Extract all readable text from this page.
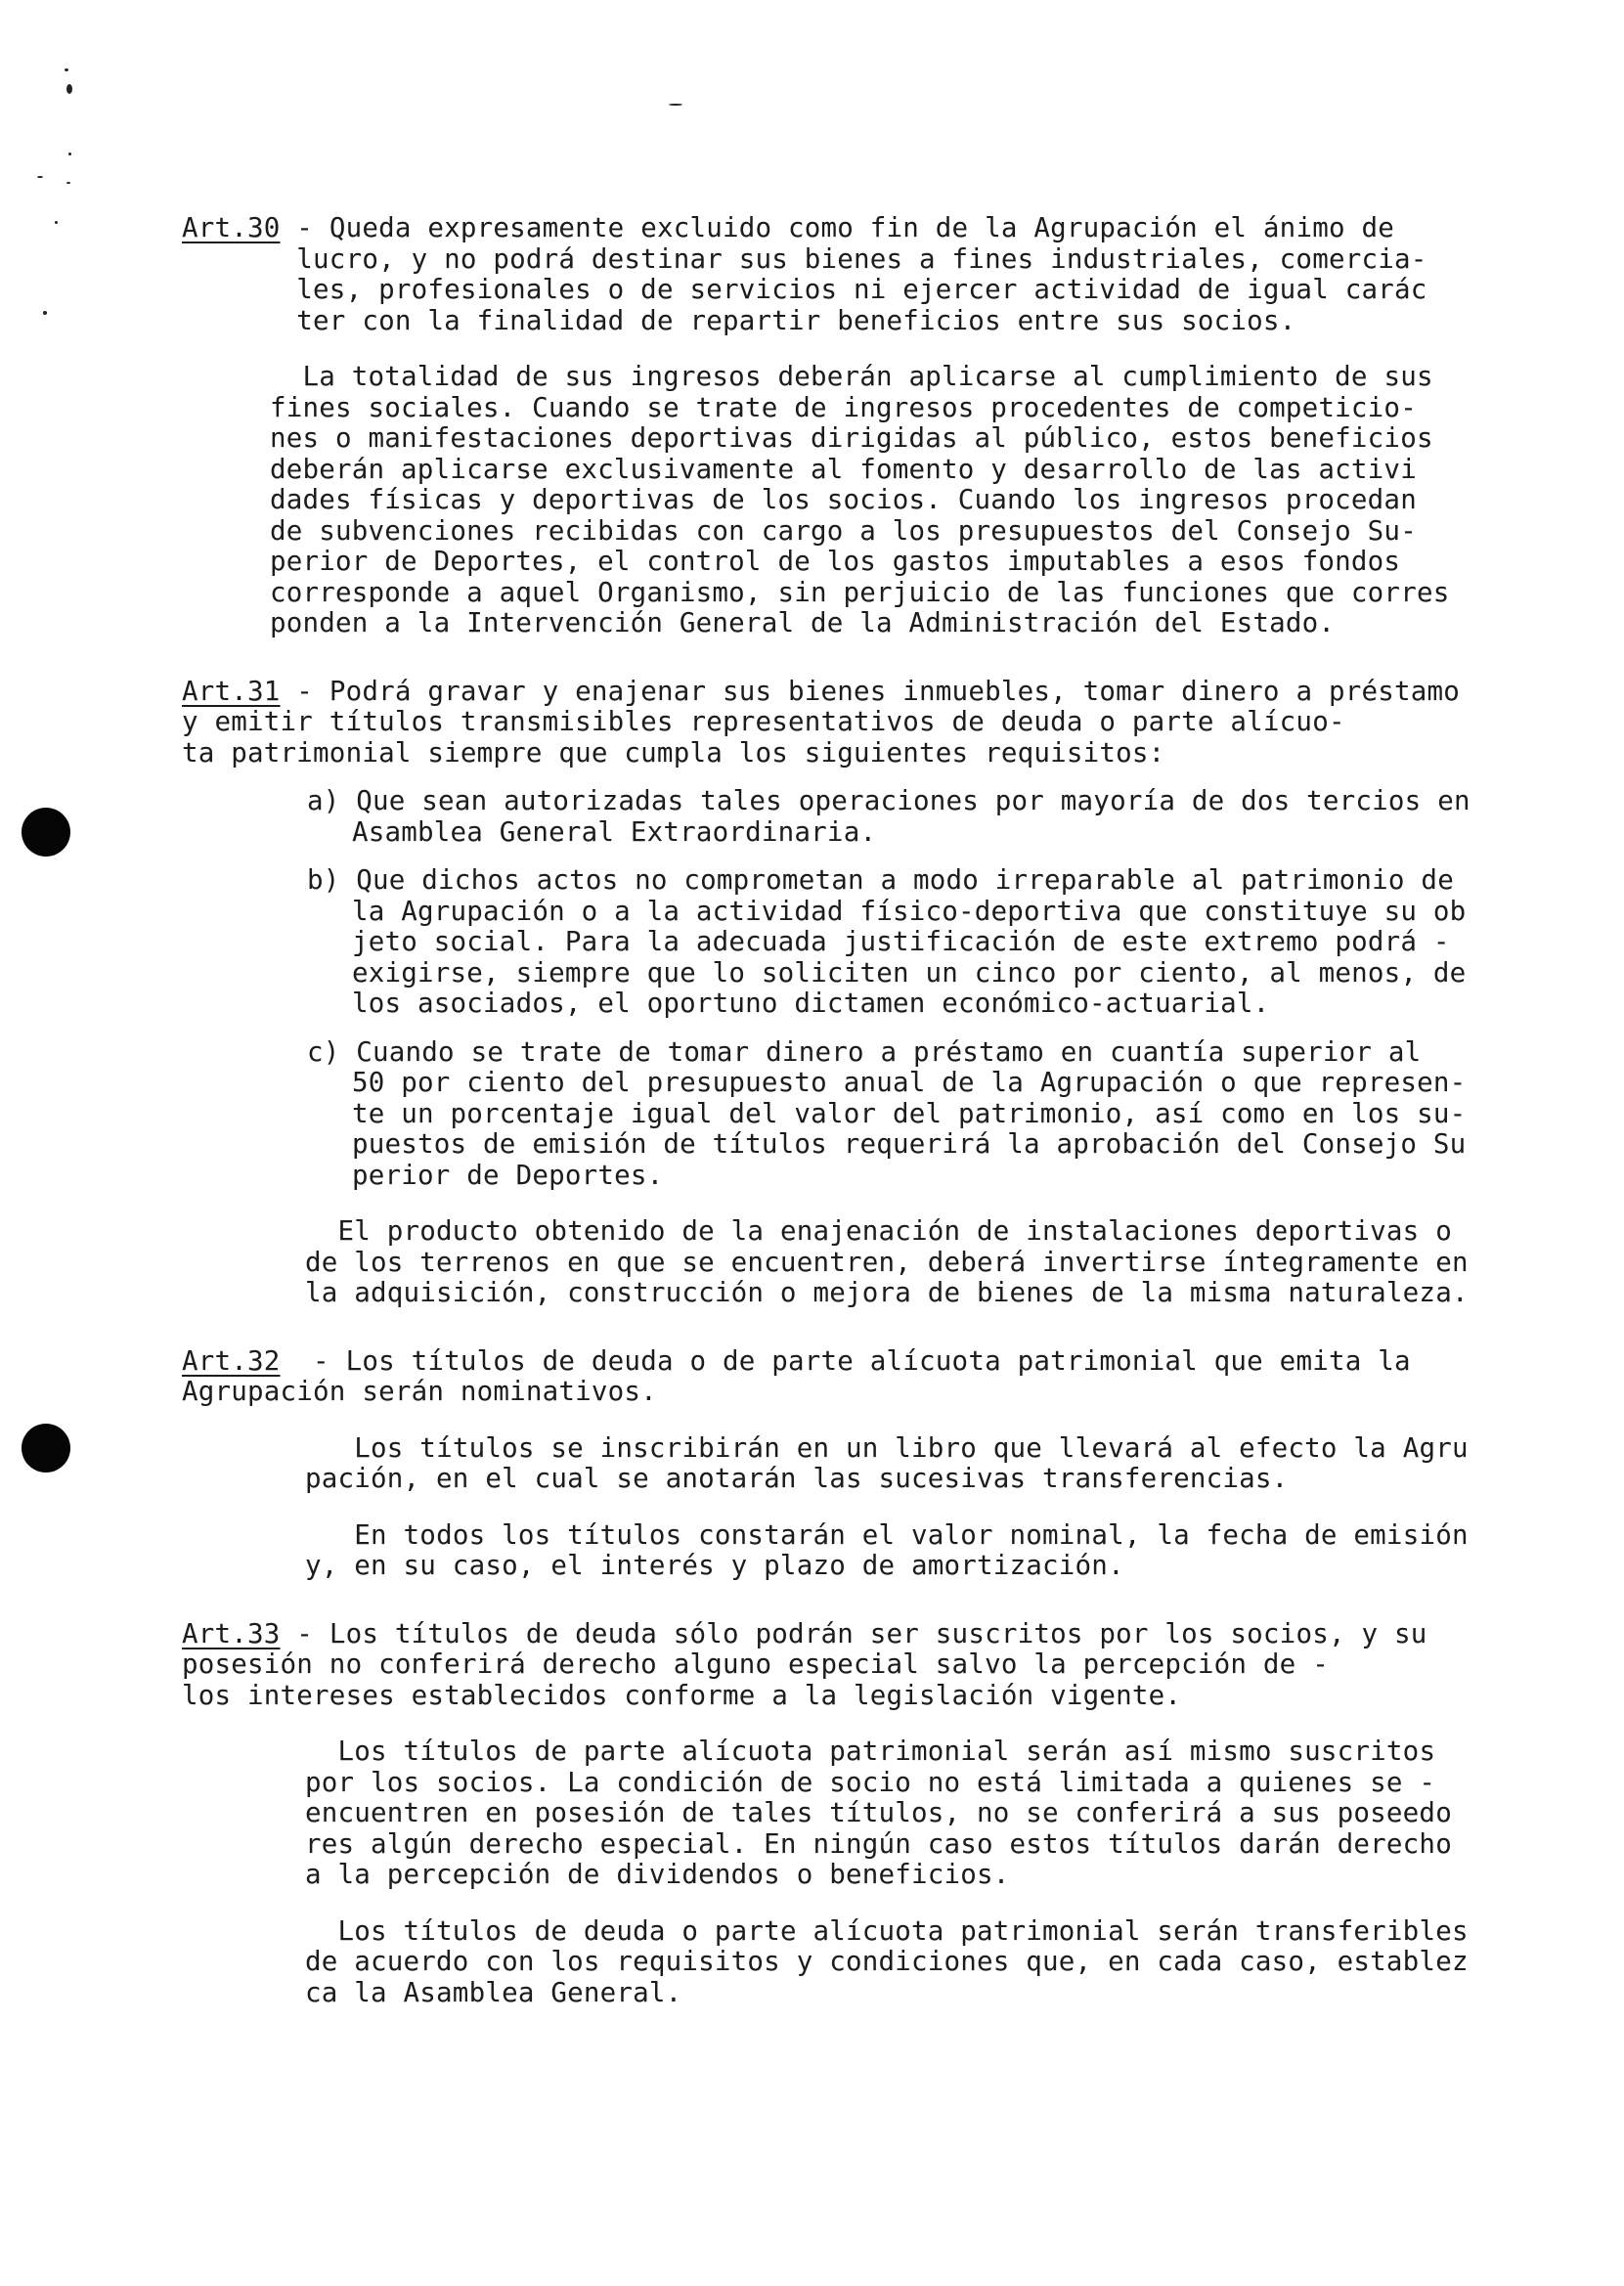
Art.30 - Queda expresamente excluido como fin de la Agrupación el ánimo de
lucro, y no podrá destinar sus bienes a fines industriales, comercia-
les, profesionales o de servicios ni ejercer actividad de igual carác
ter con la finalidad de repartir beneficios entre sus socios.

La totalidad de sus ingresos deberán aplicarse al cumplimiento de sus
fines sociales. Cuando se trate de ingresos procedentes de competicio-
nes o manifestaciones deportivas dirigidas al público, estos beneficios
deberán aplicarse exclusivamente al fomento y desarrollo de las activi
dades físicas y deportivas de los socios. Cuando los ingresos procedan
de subvenciones recibidas con cargo a los presupuestos del Consejo Su-
perior de Deportes, el control de los gastos imputables a esos fondos
corresponde a aquel Organismo, sin perjuicio de las funciones que corres
ponden a la Intervención General de la Administración del Estado.

Art.31 - Podrá gravar y enajenar sus bienes inmuebles, tomar dinero a préstamo
y emitir títulos transmisibles representativos de deuda o parte alícuo-
ta patrimonial siempre que cumpla los siguientes requisitos:
a) Que sean autorizadas tales operaciones por mayoría de dos tercios en
Asamblea General Extraordinaria.
b) Que dichos actos no comprometan a modo irreparable al patrimonio de
la Agrupación o a la actividad físico-deportiva que constituye su ob
jeto social. Para la adecuada justificación de este extremo podrá -
exigirse, siempre que lo soliciten un cinco por ciento, al menos, de
los asociados, el oportuno dictamen económico-actuarial.
c) Cuando se trate de tomar dinero a préstamo en cuantía superior al
50 por ciento del presupuesto anual de la Agrupación o que represen-
te un porcentaje igual del valor del patrimonio, así como en los su-
puestos de emisión de títulos requerirá la aprobación del Consejo Su
perior de Deportes.

El producto obtenido de la enajenación de instalaciones deportivas o
de los terrenos en que se encuentren, deberá invertirse íntegramente en
la adquisición, construcción o mejora de bienes de la misma naturaleza.

Art.32  - Los títulos de deuda o de parte alícuota patrimonial que emita la
Agrupación serán nominativos.

Los títulos se inscribirán en un libro que llevará al efecto la Agru
pación, en el cual se anotarán las sucesivas transferencias.

En todos los títulos constarán el valor nominal, la fecha de emisión
y, en su caso, el interés y plazo de amortización.

Art.33 - Los títulos de deuda sólo podrán ser suscritos por los socios, y su
posesión no conferirá derecho alguno especial salvo la percepción de -
los intereses establecidos conforme a la legislación vigente.

Los títulos de parte alícuota patrimonial serán así mismo suscritos
por los socios. La condición de socio no está limitada a quienes se -
encuentren en posesión de tales títulos, no se conferirá a sus poseedo
res algún derecho especial. En ningún caso estos títulos darán derecho
a la percepción de dividendos o beneficios.

Los títulos de deuda o parte alícuota patrimonial serán transferibles
de acuerdo con los requisitos y condiciones que, en cada caso, establez
ca la Asamblea General.
